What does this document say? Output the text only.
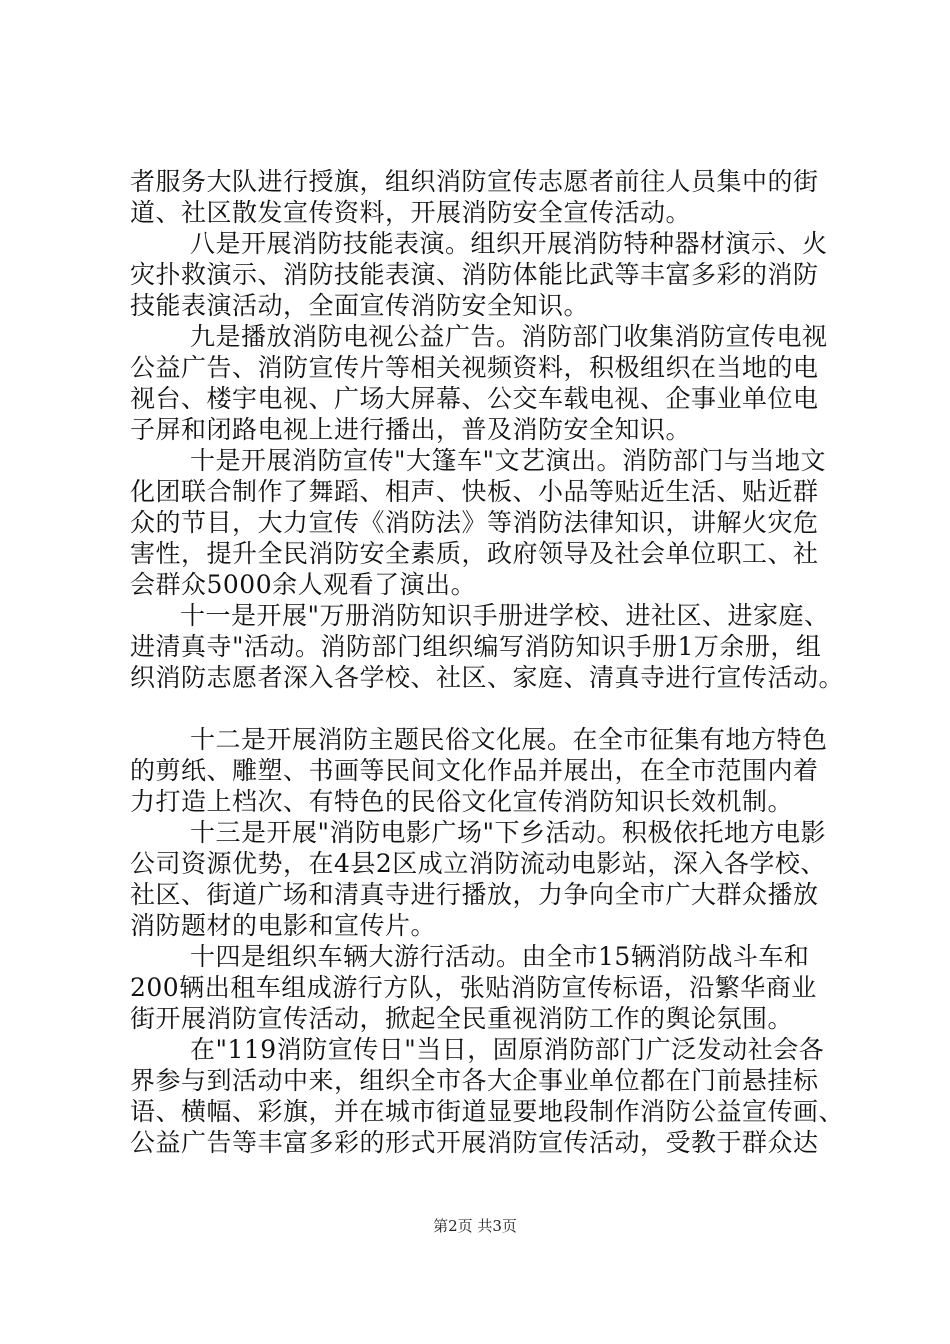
者服务大队进行授旗，组织消防宣传志愿者前往人员集中的街
道、社区散发宣传资料，开展消防安全宣传活动。
八是开展消防技能表演。组织开展消防特种器材演示、火
灾扑救演示、消防技能表演、消防体能比武等丰富多彩的消防
技能表演活动，全面宣传消防安全知识。
九是播放消防电视公益广告。消防部门收集消防宣传电视
公益广告、消防宣传片等相关视频资料，积极组织在当地的电
视台、楼宇电视、广场大屏幕、公交车载电视、企事业单位电
子屏和闭路电视上进行播出，普及消防安全知识。
十是开展消防宣传"大篷车"文艺演出。消防部门与当地文
化团联合制作了舞蹈、相声、快板、小品等贴近生活、贴近群
众的节目，大力宣传《消防法》等消防法律知识，讲解火灾危
害性，提升全民消防安全素质，政府领导及社会单位职工、社
会群众5000余人观看了演出。
十一是开展"万册消防知识手册进学校、进社区、进家庭、
进清真寺"活动。消防部门组织编写消防知识手册1万余册，组
织消防志愿者深入各学校、社区、家庭、清真寺进行宣传活动。
十二是开展消防主题民俗文化展。在全市征集有地方特色
的剪纸、雕塑、书画等民间文化作品并展出，在全市范围内着
力打造上档次、有特色的民俗文化宣传消防知识长效机制。
十三是开展"消防电影广场"下乡活动。积极依托地方电影
公司资源优势，在4县2区成立消防流动电影站，深入各学校、
社区、街道广场和清真寺进行播放，力争向全市广大群众播放
消防题材的电影和宣传片。
十四是组织车辆大游行活动。由全市15辆消防战斗车和
200辆出租车组成游行方队，张贴消防宣传标语，沿繁华商业
街开展消防宣传活动，掀起全民重视消防工作的舆论氛围。
在"119消防宣传日"当日，固原消防部门广泛发动社会各
界参与到活动中来，组织全市各大企事业单位都在门前悬挂标
语、横幅、彩旗，并在城市街道显要地段制作消防公益宣传画、
公益广告等丰富多彩的形式开展消防宣传活动，受教于群众达
第2页 共3页
